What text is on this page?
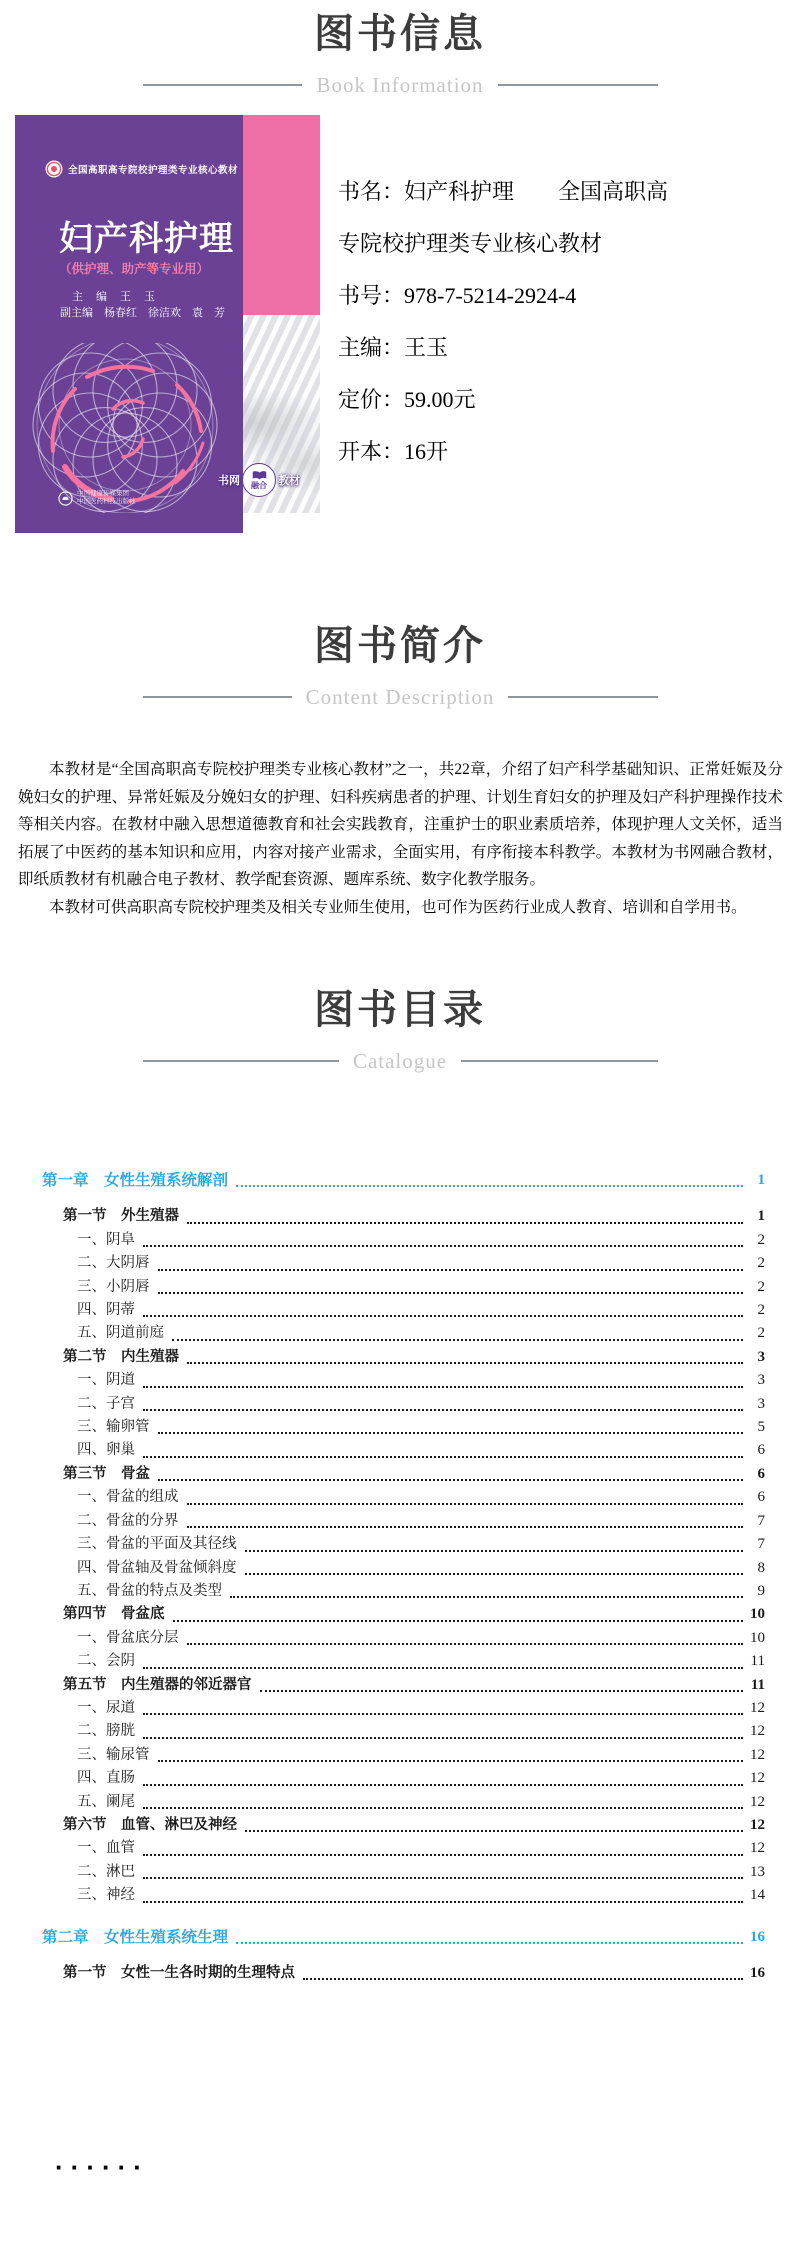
图书信息
Book Information
全国高职高专院校护理类专业核心教材
妇产科护理
（供护理、助产等专业用）
主　编　王　玉
副主编　杨春红　徐洁欢　袁　芳
中国健康传媒集团
中国医药科技出版社
书网 融合 教材
书名：妇产科护理　　全国高职高
专院校护理类专业核心教材
书号：978-7-5214-2924-4
主编：王玉
定价：59.00元
开本：16开
图书简介
Content Description

本教材是“全国高职高专院校护理类专业核心教材”之一，共22章，介绍了妇产科学基础知识、正常妊娠及分娩妇女的护理、异常妊娠及分娩妇女的护理、妇科疾病患者的护理、计划生育妇女的护理及妇产科护理操作技术等相关内容。在教材中融入思想道德教育和社会实践教育，注重护士的职业素质培养，体现护理人文关怀，适当拓展了中医药的基本知识和应用，内容对接产业需求，全面实用，有序衔接本科教学。本教材为书网融合教材，即纸质教材有机融合电子教材、教学配套资源、题库系统、数字化教学服务。

本教材可供高职高专院校护理类及相关专业师生使用，也可作为医药行业成人教育、培训和自学用书。

图书目录
Catalogue
第一章　女性生殖系统解剖	1
第一节　外生殖器	1
一、阴阜	2
二、大阴唇	2
三、小阴唇	2
四、阴蒂	2
五、阴道前庭	2
第二节　内生殖器	3
一、阴道	3
二、子宫	3
三、输卵管	5
四、卵巢	6
第三节　骨盆	6
一、骨盆的组成	6
二、骨盆的分界	7
三、骨盆的平面及其径线	7
四、骨盆轴及骨盆倾斜度	8
五、骨盆的特点及类型	9
第四节　骨盆底	10
一、骨盆底分层	10
二、会阴	11
第五节　内生殖器的邻近器官	11
一、尿道	12
二、膀胱	12
三、输尿管	12
四、直肠	12
五、阑尾	12
第六节　血管、淋巴及神经	12
一、血管	12
二、淋巴	13
三、神经	14
第二章　女性生殖系统生理	16
第一节　女性一生各时期的生理特点	16
······
